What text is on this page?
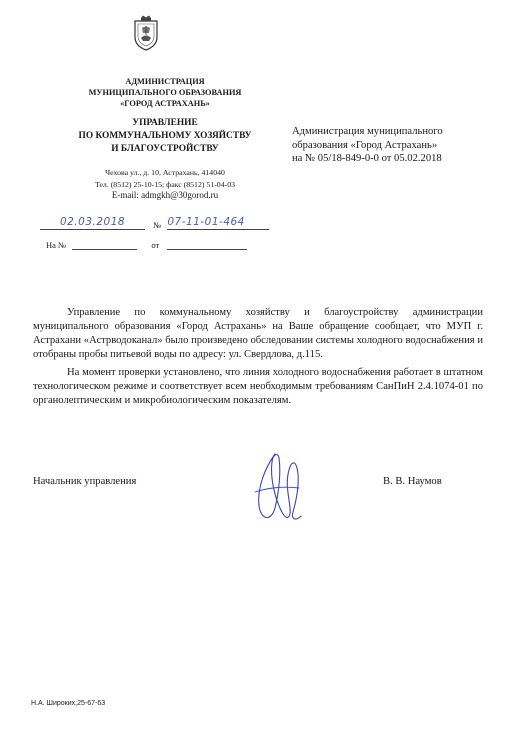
АДМИНИСТРАЦИЯ
МУНИЦИПАЛЬНОГО ОБРАЗОВАНИЯ
«ГОРОД АСТРАХАНЬ»
УПРАВЛЕНИЕ
ПО КОММУНАЛЬНОМУ ХОЗЯЙСТВУ
И БЛАГОУСТРОЙСТВУ
Чехова ул., д. 10, Астрахань, 414040
Тел. (8512) 25-10-15; факс (8512) 51-04-03
E-mail: admgkh@30gorod.ru
02.03.2018	№ 07-11-01-464
На №	от
Администрация муниципального
образования «Город Астрахань»
на № 05/18-849-0-0 от 05.02.2018

Управление по коммунальному хозяйству и благоустройству администрации муниципального образования «Город Астрахань» на Ваше обращение сообщает, что МУП г. Астрахани «Астрводоканал» было произведено обследовании системы холодного водоснабжения и отобраны пробы питьевой воды по адресу: ул. Свердлова, д.115.

На момент проверки установлено, что линия холодного водоснабжения работает в штатном технологическом режиме и соответствует всем необходимым требованиям СанПиН 2.4.1074-01 по органолептическим и микробиологическим показателям.

Начальник управления	В. В. Наумов
Н.А. Широких,25-67-63
